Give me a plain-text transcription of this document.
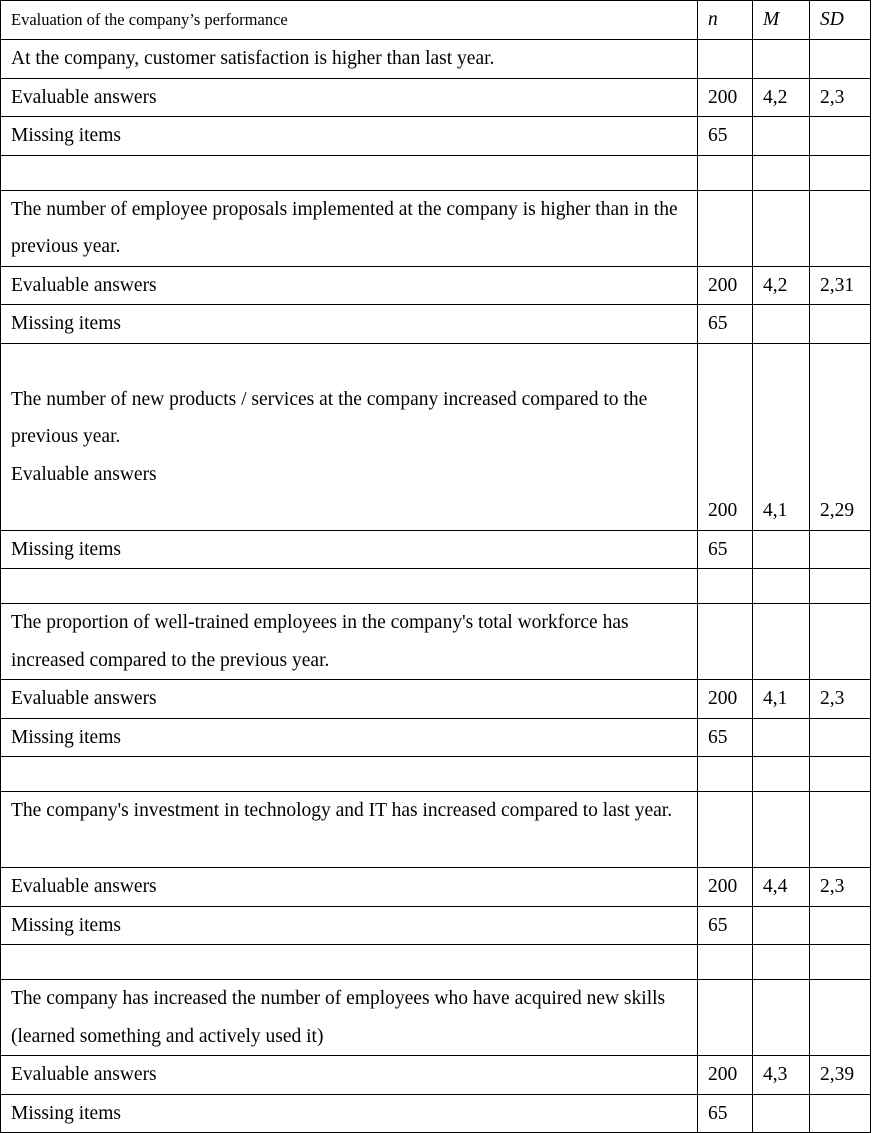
Evaluation of the company’s performance	n	M	SD
At the company, customer satisfaction is higher than last year.			
Evaluable answers	200	4,2	2,3
Missing items	65		

The number of employee proposals implemented at the company is higher than in the previous year.			
Evaluable answers	200	4,2	2,31
Missing items	65		

The number of new products / services at the company increased compared to the previous year.
Evaluable answers	200	4,1	2,29
Missing items	65		

The proportion of well-trained employees in the company's total workforce has increased compared to the previous year.			
Evaluable answers	200	4,1	2,3
Missing items	65		

The company's investment in technology and IT has increased compared to last year.			
Evaluable answers	200	4,4	2,3
Missing items	65		

The company has increased the number of employees who have acquired new skills (learned something and actively used it)			
Evaluable answers	200	4,3	2,39
Missing items	65		
